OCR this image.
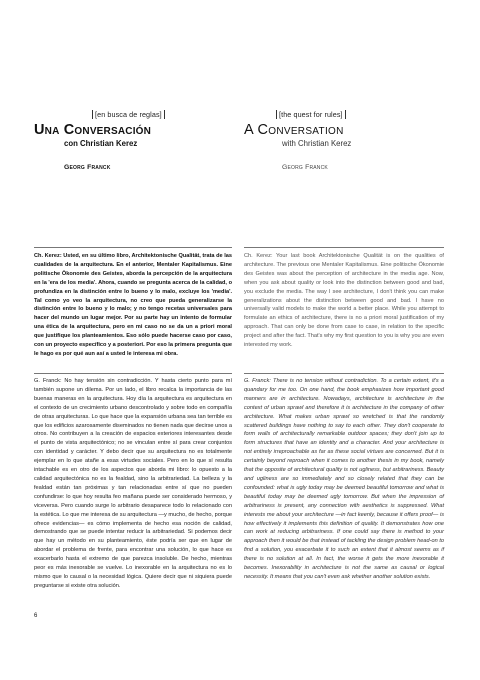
[en busca de reglas]
Una Conversación
con Christian Kerez
Georg Franck
[the quest for rules]
A Conversation
with Christian Kerez
Georg Franck

Ch. Kerez: Usted, en su último libro, Architektonische Qualität, trata de las cualidades de la arquitectura. En el anterior, Mentaler Kapitalismus. Eine politische Ökonomie des Geistes, aborda la percepción de la arquitectura en la 'era de los media'. Ahora, cuando se pregunta acerca de la calidad, o profundiza en la distinción entre lo bueno y lo malo, excluye los 'media'. Tal como yo veo la arquitectura, no creo que pueda generalizarse la distinción entre lo bueno y lo malo; y no tengo recetas universales para hacer del mundo un lugar mejor. Por su parte hay un intento de formular una ética de la arquitectura, pero en mi caso no se da un a priori moral que justifique los planteamientos. Eso sólo puede hacerse caso por caso, con un proyecto específico y a posteriori. Por eso la primera pregunta que le hago es por qué aun así a usted le interesa mi obra.

Ch. Kerez: Your last book Architektonische Qualität is on the qualities of architecture. The previous one Mentaler Kapitalismus. Eine politische Ökonomie des Geistes was about the perception of architecture in the media age. Now, when you ask about quality or look into the distinction between good and bad, you exclude the media. The way I see architecture, I don't think you can make generalizations about the distinction between good and bad. I have no universally valid models to make the world a better place. While you attempt to formulate an ethics of architecture, there is no a priori moral justification of my approach. That can only be done from case to case, in relation to the specific project and after the fact. That's why my first question to you is why you are even interested my work.

G. Franck: No hay tensión sin contradicción. Y hasta cierto punto para mí también supone un dilema. Por un lado, el libro recalca la importancia de las buenas maneras en la arquitectura. Hoy día la arquitectura es arquitectura en el contexto de un crecimiento urbano descontrolado y sobre todo en compañía de otras arquitecturas. Lo que hace que la expansión urbana sea tan terrible es que los edificios azarosamente diseminados no tienen nada que decirse unos a otros. No contribuyen a la creación de espacios exteriores interesantes desde el punto de vista arquitectónico; no se vinculan entre sí para crear conjuntos con identidad y carácter. Y debo decir que su arquitectura no es totalmente ejemplar en lo que atañe a esas virtudes sociales. Pero en lo que sí resulta intachable es en otro de los aspectos que aborda mi libro: lo opuesto a la calidad arquitectónica no es la fealdad, sino la arbitrariedad. La belleza y la fealdad están tan próximas y tan relacionadas entre sí que no pueden confundirse: lo que hoy resulta feo mañana puede ser considerado hermoso, y viceversa. Pero cuando surge lo arbitrario desaparece todo lo relacionado con la estética. Lo que me interesa de su arquitectura —y mucho, de hecho, porque ofrece evidencias— es cómo implementa de hecho esa noción de calidad, demostrando que se puede intentar reducir la arbitrariedad. Si podemos decir que hay un método en su planteamiento, éste podría ser que en lugar de abordar el problema de frente, para encontrar una solución, lo que hace es exacerbarlo hasta el extremo de que parezca insoluble. De hecho, mientras peor es más inexorable se vuelve. Lo inexorable en la arquitectura no es lo mismo que lo causal o la necesidad lógica. Quiere decir que ni siquiera puede preguntarse si existe otra solución.

G. Franck: There is no tension without contradiction. To a certain extent, it's a quandary for me too. On one hand, the book emphasizes how important good manners are in architecture. Nowadays, architecture is architecture in the context of urban sprawl and therefore it is architecture in the company of other architecture. What makes urban sprawl so wretched is that the randomly scattered buildings have nothing to say to each other. They don't cooperate to form walls of architecturally remarkable outdoor spaces; they don't join up to form structures that have an identity and a character. And your architecture is not entirely irreproachable as far as these social virtues are concerned. But it is certainly beyond reproach when it comes to another thesis in my book, namely that the opposite of architectural quality is not ugliness, but arbitrariness. Beauty and ugliness are so immediately and so closely related that they can be confounded: what is ugly today may be deemed beautiful tomorrow and what is beautiful today may be deemed ugly tomorrow. But when the impression of arbitrariness is present, any connection with aesthetics is suppressed. What interests me about your architecture —in fact keenly, because it offers proof— is how effectively it implements this definition of quality. It demonstrates how one can work at reducing arbitrariness. If one could say there is method to your approach then it would be that instead of tackling the design problem head-on to find a solution, you exacerbate it to such an extent that it almost seems as if there is no solution at all. In fact, the worse it gets the more inexorable it becomes. Inexorability in architecture is not the same as causal or logical necessity. It means that you can't even ask whether another solution exists.

6
